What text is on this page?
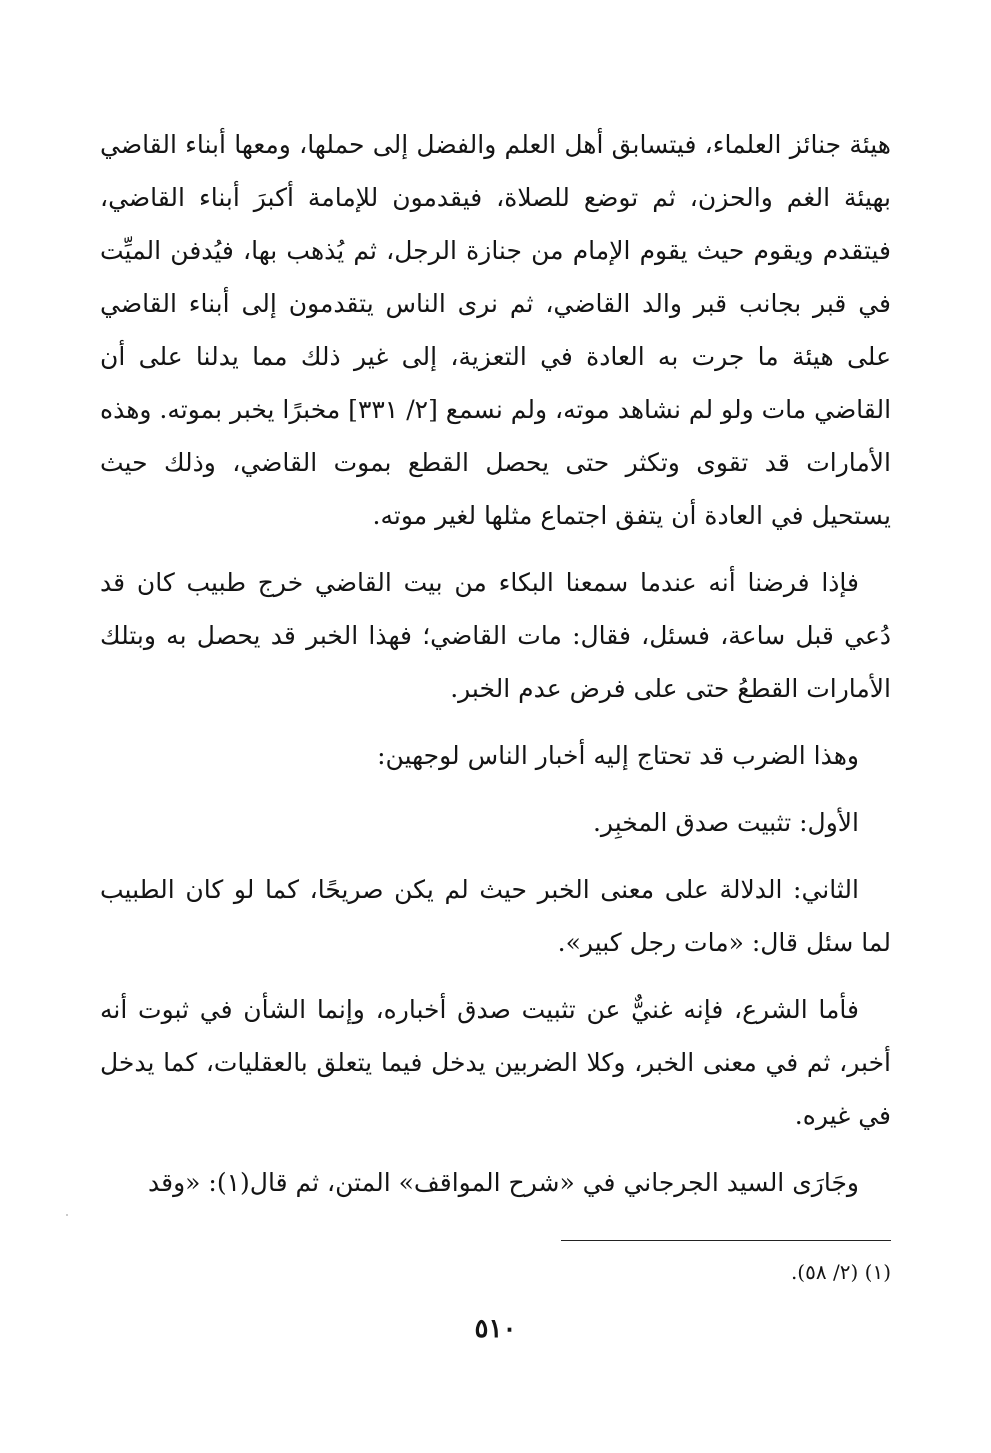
هيئة جنائز العلماء، فيتسابق أهل العلم والفضل إلى حملها، ومعها أبناء القاضي بهيئة الغم والحزن، ثم توضع للصلاة، فيقدمون للإمامة أكبرَ أبناء القاضي، فيتقدم ويقوم حيث يقوم الإمام من جنازة الرجل، ثم يُذهب بها، فيُدفن الميِّت في قبر بجانب قبر والد القاضي، ثم نرى الناس يتقدمون إلى أبناء القاضي على هيئة ما جرت به العادة في التعزية، إلى غير ذلك مما يدلنا على أن القاضي مات ولو لم نشاهد موته، ولم نسمع [٢/ ٣٣١] مخبرًا يخبر بموته. وهذه الأمارات قد تقوى وتكثر حتى يحصل القطع بموت القاضي، وذلك حيث يستحيل في العادة أن يتفق اجتماع مثلها لغير موته.

فإذا فرضنا أنه عندما سمعنا البكاء من بيت القاضي خرج طبيب كان قد دُعي قبل ساعة، فسئل، فقال: مات القاضي؛ فهذا الخبر قد يحصل به وبتلك الأمارات القطعُ حتى على فرض عدم الخبر.

وهذا الضرب قد تحتاج إليه أخبار الناس لوجهين:

الأول: تثبيت صدق المخبِر.

الثاني: الدلالة على معنى الخبر حيث لم يكن صريحًا، كما لو كان الطبيب لما سئل قال: «مات رجل كبير».

فأما الشرع، فإنه غنيٌّ عن تثبيت صدق أخباره، وإنما الشأن في ثبوت أنه أخبر، ثم في معنى الخبر، وكلا الضربين يدخل فيما يتعلق بالعقليات، كما يدخل في غيره.

وجَارَى السيد الجرجاني في «شرح المواقف» المتن، ثم قال(١): «وقد

(١) (٢/ ٥٨).
٥١٠
